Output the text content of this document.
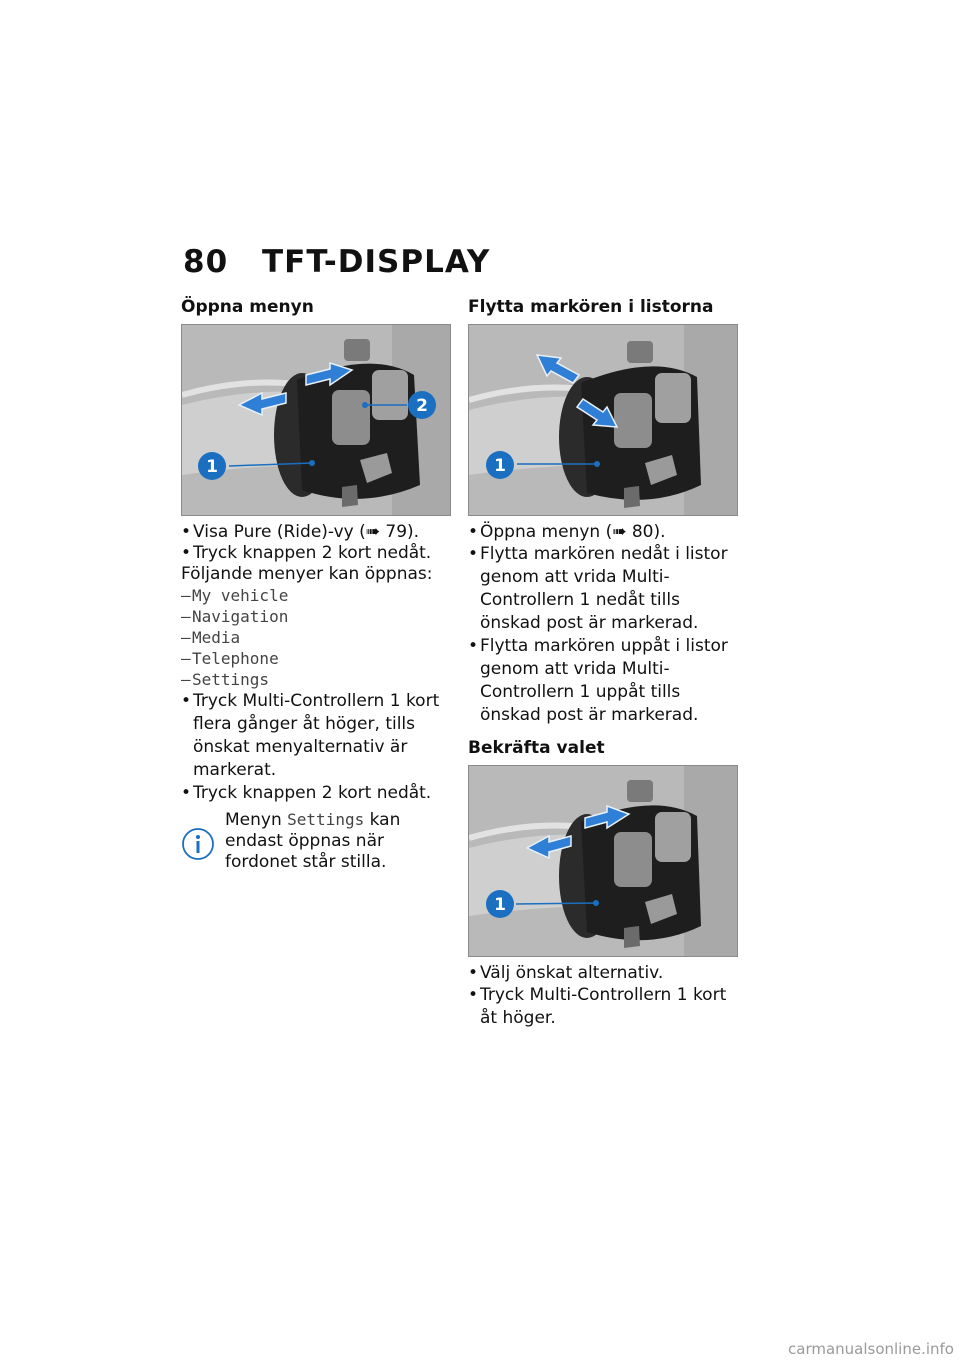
80 TFT-DISPLAY
Öppna menyn
1
2
• Visa Pure (Ride)-vy (➠ 79).
• Tryck knappen 2 kort nedåt.
Följande menyer kan öppnas:
– My vehicle
– Navigation
– Media
– Telephone
– Settings
• Tryck Multi-Controllern 1 kort flera gånger åt höger, tills önskat menyalternativ är markerat.
• Tryck knappen 2 kort nedåt.
Menyn Settings kan endast öppnas när fordonet står stilla.
Flytta markören i listorna
1
• Öppna menyn (➠ 80).
• Flytta markören nedåt i listor genom att vrida Multi-Controllern 1 nedåt tills önskad post är markerad.
• Flytta markören uppåt i listor genom att vrida Multi-Controllern 1 uppåt tills önskad post är markerad.
Bekräfta valet
1
• Välj önskat alternativ.
• Tryck Multi-Controllern 1 kort åt höger.
carmanualsonline.info
